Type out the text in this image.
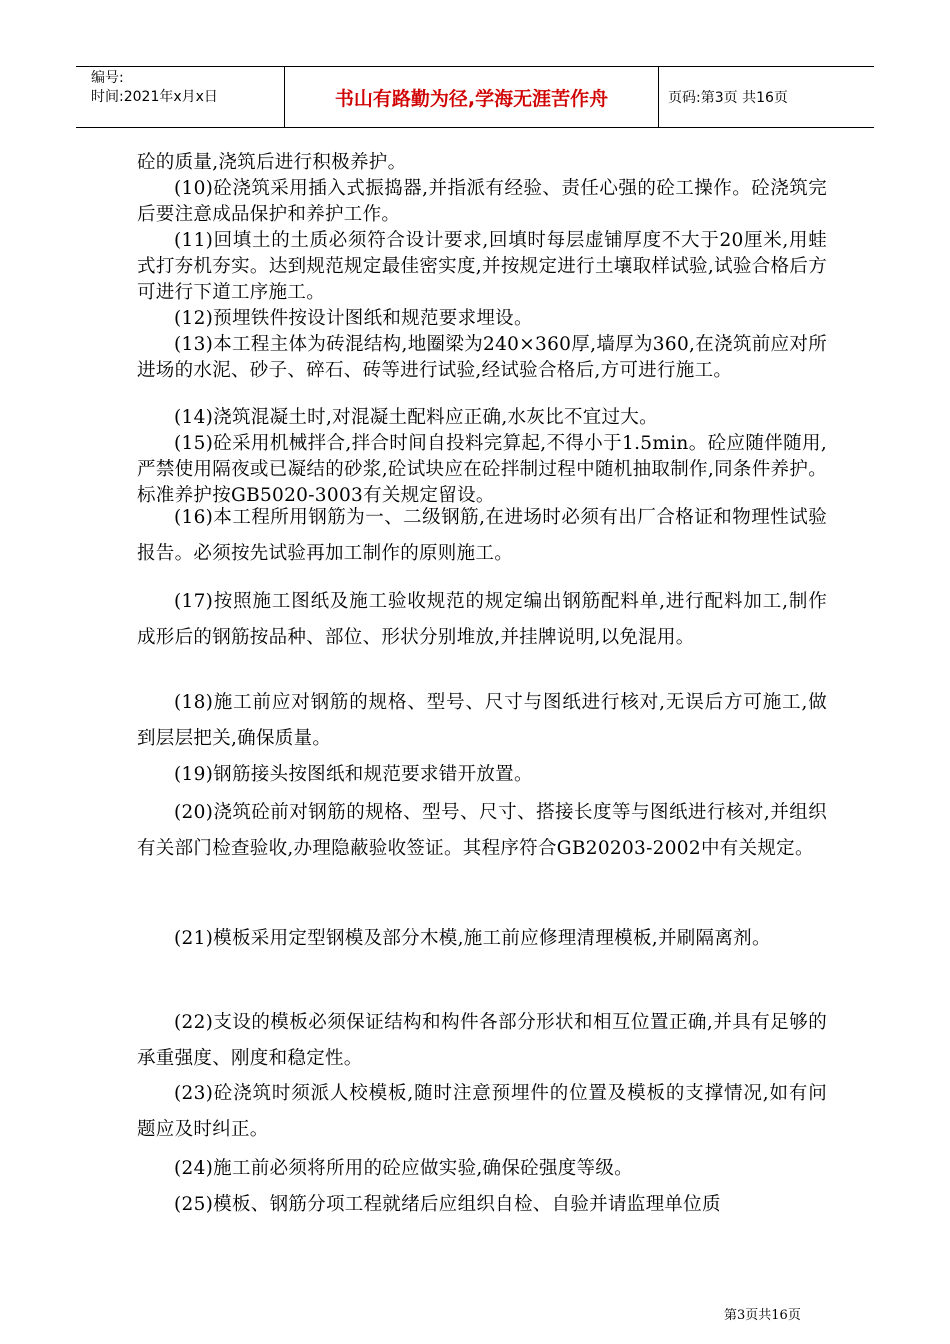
编号:
时间:2021年x月x日	书山有路勤为径,学海无涯苦作舟	页码:第3页 共16页

砼的质量,浇筑后进行积极养护。

(10)砼浇筑采用插入式振捣器,并指派有经验、责任心强的砼工操作。砼浇筑完后要注意成品保护和养护工作。

(11)回填土的土质必须符合设计要求,回填时每层虚铺厚度不大于20厘米,用蛙式打夯机夯实。达到规范规定最佳密实度,并按规定进行土壤取样试验,试验合格后方可进行下道工序施工。

(12)预埋铁件按设计图纸和规范要求埋设。

(13)本工程主体为砖混结构,地圈梁为240×360厚,墙厚为360,在浇筑前应对所进场的水泥、砂子、碎石、砖等进行试验,经试验合格后,方可进行施工。

(14)浇筑混凝土时,对混凝土配料应正确,水灰比不宜过大。

(15)砼采用机械拌合,拌合时间自投料完算起,不得小于1.5min。砼应随伴随用,严禁使用隔夜或已凝结的砂浆,砼试块应在砼拌制过程中随机抽取制作,同条件养护。标准养护按GB5020-3003有关规定留设。

(16)本工程所用钢筋为一、二级钢筋,在进场时必须有出厂合格证和物理性试验报告。必须按先试验再加工制作的原则施工。

(17)按照施工图纸及施工验收规范的规定编出钢筋配料单,进行配料加工,制作成形后的钢筋按品种、部位、形状分别堆放,并挂牌说明,以免混用。

(18)施工前应对钢筋的规格、型号、尺寸与图纸进行核对,无误后方可施工,做到层层把关,确保质量。

(19)钢筋接头按图纸和规范要求错开放置。

(20)浇筑砼前对钢筋的规格、型号、尺寸、搭接长度等与图纸进行核对,并组织有关部门检查验收,办理隐蔽验收签证。其程序符合GB20203-2002中有关规定。

(21)模板采用定型钢模及部分木模,施工前应修理清理模板,并刷隔离剂。

(22)支设的模板必须保证结构和构件各部分形状和相互位置正确,并具有足够的承重强度、刚度和稳定性。

(23)砼浇筑时须派人校模板,随时注意预埋件的位置及模板的支撑情况,如有问题应及时纠正。

(24)施工前必须将所用的砼应做实验,确保砼强度等级。

(25)模板、钢筋分项工程就绪后应组织自检、自验并请监理单位质

第3页共16页
